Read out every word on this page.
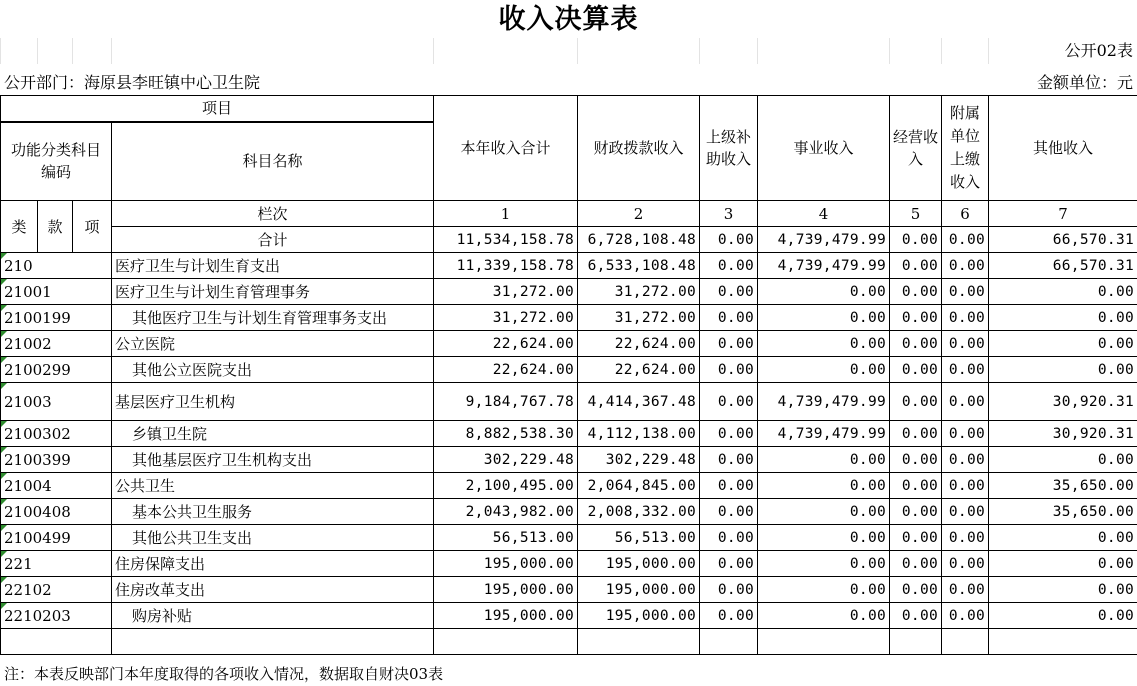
收入决算表
公开02表
公开部门：海原县李旺镇中心卫生院	金额单位：元
项目				本年收入合计	财政拨款收入	上级补助收入	事业收入	经营收入	附属单位上缴收入	其他收入
功能分类科目编码			科目名称							
类	款	项	栏次	1	2	3	4	5	6	7
			合计	11,534,158.78	6,728,108.48	0.00	4,739,479.99	0.00	0.00	66,570.31
210			医疗卫生与计划生育支出	11,339,158.78	6,533,108.48	0.00	4,739,479.99	0.00	0.00	66,570.31
21001			医疗卫生与计划生育管理事务	31,272.00	31,272.00	0.00	0.00	0.00	0.00	0.00
2100199			其他医疗卫生与计划生育管理事务支出	31,272.00	31,272.00	0.00	0.00	0.00	0.00	0.00
21002			公立医院	22,624.00	22,624.00	0.00	0.00	0.00	0.00	0.00
2100299			其他公立医院支出	22,624.00	22,624.00	0.00	0.00	0.00	0.00	0.00
21003			基层医疗卫生机构	9,184,767.78	4,414,367.48	0.00	4,739,479.99	0.00	0.00	30,920.31
2100302			乡镇卫生院	8,882,538.30	4,112,138.00	0.00	4,739,479.99	0.00	0.00	30,920.31
2100399			其他基层医疗卫生机构支出	302,229.48	302,229.48	0.00	0.00	0.00	0.00	0.00
21004			公共卫生	2,100,495.00	2,064,845.00	0.00	0.00	0.00	0.00	35,650.00
2100408			基本公共卫生服务	2,043,982.00	2,008,332.00	0.00	0.00	0.00	0.00	35,650.00
2100499			其他公共卫生支出	56,513.00	56,513.00	0.00	0.00	0.00	0.00	0.00
221			住房保障支出	195,000.00	195,000.00	0.00	0.00	0.00	0.00	0.00
22102			住房改革支出	195,000.00	195,000.00	0.00	0.00	0.00	0.00	0.00
2210203			购房补贴	195,000.00	195,000.00	0.00	0.00	0.00	0.00	0.00

注：本表反映部门本年度取得的各项收入情况，数据取自财决03表
